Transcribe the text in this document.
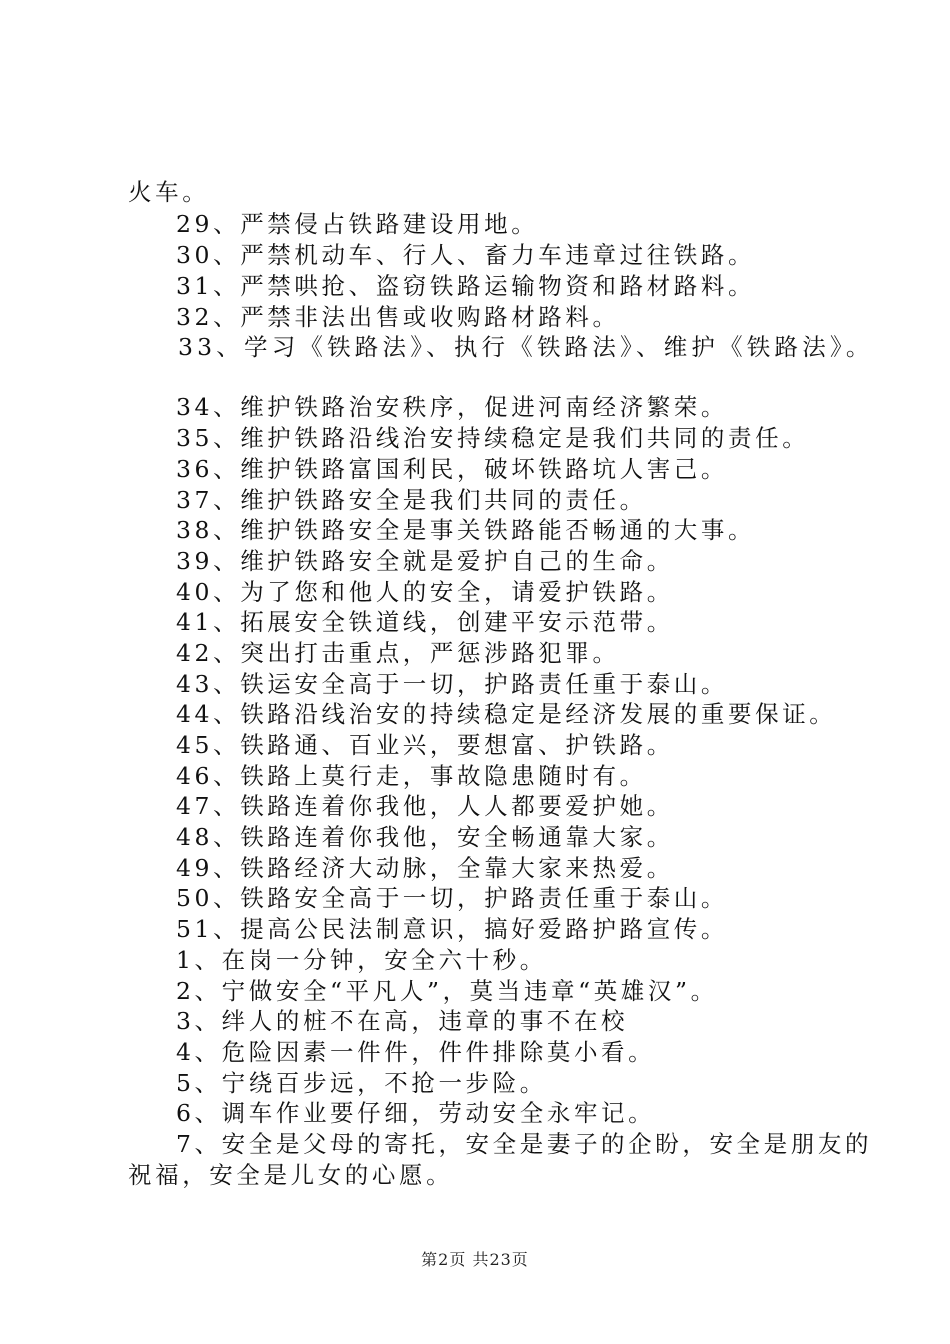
火车。
29、严禁侵占铁路建设用地。
30、严禁机动车、行人、畜力车违章过往铁路。
31、严禁哄抢、盗窃铁路运输物资和路材路料。
32、严禁非法出售或收购路材路料。
33、学习《铁路法》、执行《铁路法》、维护《铁路法》。
34、维护铁路治安秩序，促进河南经济繁荣。
35、维护铁路沿线治安持续稳定是我们共同的责任。
36、维护铁路富国利民，破坏铁路坑人害己。
37、维护铁路安全是我们共同的责任。
38、维护铁路安全是事关铁路能否畅通的大事。
39、维护铁路安全就是爱护自己的生命。
40、为了您和他人的安全，请爱护铁路。
41、拓展安全铁道线，创建平安示范带。
42、突出打击重点，严惩涉路犯罪。
43、铁运安全高于一切，护路责任重于泰山。
44、铁路沿线治安的持续稳定是经济发展的重要保证。
45、铁路通、百业兴，要想富、护铁路。
46、铁路上莫行走，事故隐患随时有。
47、铁路连着你我他，人人都要爱护她。
48、铁路连着你我他，安全畅通靠大家。
49、铁路经济大动脉，全靠大家来热爱。
50、铁路安全高于一切，护路责任重于泰山。
51、提高公民法制意识，搞好爱路护路宣传。
1、在岗一分钟，安全六十秒。
2、宁做安全“平凡人”，莫当违章“英雄汉”。
3、绊人的桩不在高，违章的事不在校
4、危险因素一件件，件件排除莫小看。
5、宁绕百步远，不抢一步险。
6、调车作业要仔细，劳动安全永牢记。
7、安全是父母的寄托，安全是妻子的企盼，安全是朋友的
祝福，安全是儿女的心愿。
第2页 共23页
